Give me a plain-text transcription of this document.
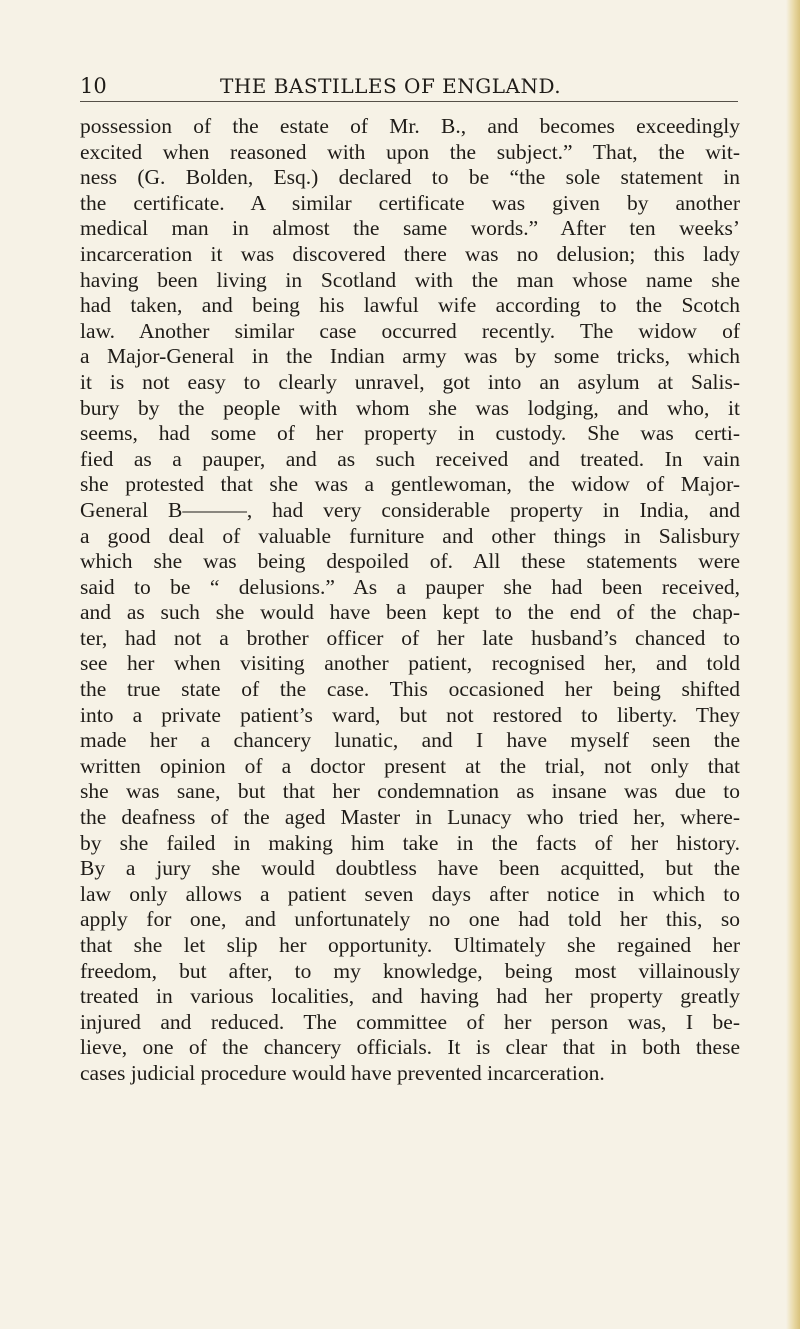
10	THE BASTILLES OF ENGLAND.
possession of the estate of Mr. B., and becomes exceedingly
excited when reasoned with upon the subject.” That, the wit-
ness (G. Bolden, Esq.) declared to be “the sole statement in
the certificate. A similar certificate was given by another
medical man in almost the same words.” After ten weeks’
incarceration it was discovered there was no delusion; this lady
having been living in Scotland with the man whose name she
had taken, and being his lawful wife according to the Scotch
law. Another similar case occurred recently. The widow of
a Major-General in the Indian army was by some tricks, which
it is not easy to clearly unravel, got into an asylum at Salis-
bury by the people with whom she was lodging, and who, it
seems, had some of her property in custody. She was certi-
fied as a pauper, and as such received and treated. In vain
she protested that she was a gentlewoman, the widow of Major-
General B———, had very considerable property in India, and
a good deal of valuable furniture and other things in Salisbury
which she was being despoiled of. All these statements were
said to be “ delusions.” As a pauper she had been received,
and as such she would have been kept to the end of the chap-
ter, had not a brother officer of her late husband’s chanced to
see her when visiting another patient, recognised her, and told
the true state of the case. This occasioned her being shifted
into a private patient’s ward, but not restored to liberty. They
made her a chancery lunatic, and I have myself seen the
written opinion of a doctor present at the trial, not only that
she was sane, but that her condemnation as insane was due to
the deafness of the aged Master in Lunacy who tried her, where-
by she failed in making him take in the facts of her history.
By a jury she would doubtless have been acquitted, but the
law only allows a patient seven days after notice in which to
apply for one, and unfortunately no one had told her this, so
that she let slip her opportunity. Ultimately she regained her
freedom, but after, to my knowledge, being most villainously
treated in various localities, and having had her property greatly
injured and reduced. The committee of her person was, I be-
lieve, one of the chancery officials. It is clear that in both these
cases judicial procedure would have prevented incarceration.
